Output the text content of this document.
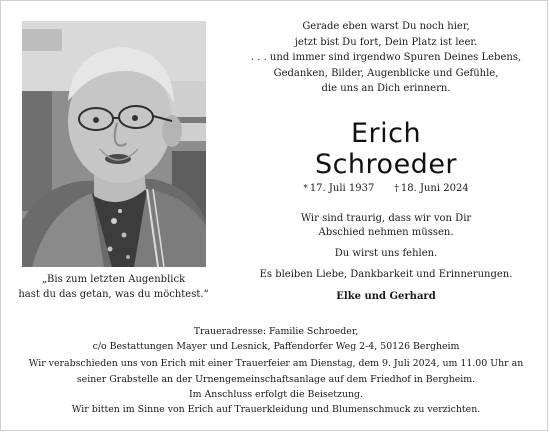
„Bis zum letzten Augenblick
hast du das getan, was du möchtest.“
Gerade eben warst Du noch hier,
jetzt bist Du fort, Dein Platz ist leer.
. . . und immer sind irgendwo Spuren Deines Lebens,
Gedanken, Bilder, Augenblicke und Gefühle,
die uns an Dich erinnern.
Erich
Schroeder
* 17. Juli 1937 † 18. Juni 2024
Wir sind traurig, dass wir von Dir
Abschied nehmen müssen.
Du wirst uns fehlen.
Es bleiben Liebe, Dankbarkeit und Erinnerungen.
Elke und Gerhard
Traueradresse: Familie Schroeder,
c/o Bestattungen Mayer und Lesnick, Paffendorfer Weg 2-4, 50126 Bergheim
Wir verabschieden uns von Erich mit einer Trauerfeier am Dienstag, dem 9. Juli 2024, um 11.00 Uhr an
seiner Grabstelle an der Urnengemeinschaftsanlage auf dem Friedhof in Bergheim.
Im Anschluss erfolgt die Beisetzung.
Wir bitten im Sinne von Erich auf Trauerkleidung und Blumenschmuck zu verzichten.
